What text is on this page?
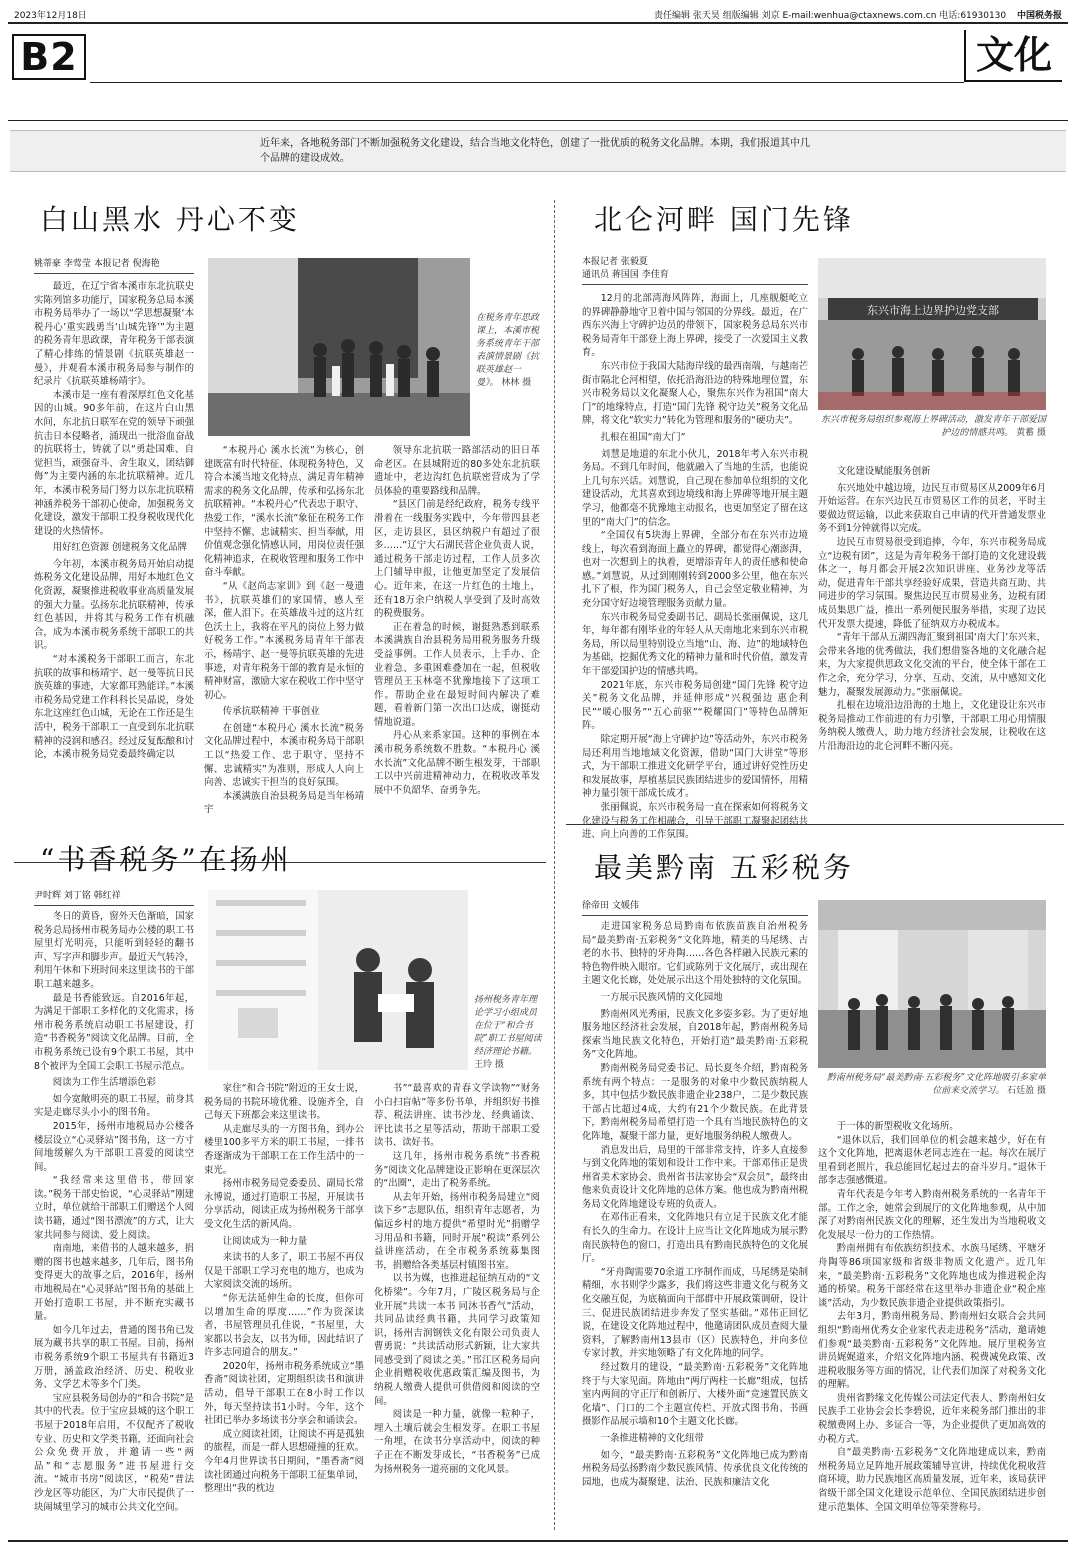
2023年12月18日	责任编辑 张天昊 组版编辑 刘京 E-mail:wenhua@ctaxnews.com.cn 电话:61930130 中国税务报
B2	文化
近年来，各地税务部门不断加强税务文化建设，结合当地文化特色，创建了一批优质的税务文化品牌。本期，我们报道其中几个品牌的建设成效。
白山黑水 丹心不变
姚蒂豪 李莺莹 本报记者 倪海艳

最近，在辽宁省本溪市东北抗联史实陈列馆多功能厅，国家税务总局本溪市税务局举办了一场以“学思想凝聚‘本税丹心’重实践勇当‘山城先锋’”为主题的税务青年思政课，青年税务干部表演了精心排练的情景剧《抗联英雄赵一曼》，并观看本溪市税务局参与制作的纪录片《抗联英雄杨靖宇》。

本溪市是一座有着深厚红色文化基因的山城。90多年前，在这片白山黑水间，东北抗日联军在党的领导下顽强抗击日本侵略者，涌现出一批浴血奋战的抗联将士，铸就了以“勇赴国难、自觉担当，顽强奋斗、舍生取义，团结御侮”为主要内涵的东北抗联精神。近几年，本溪市税务局门努力以东北抗联精神涵养税务干部初心使命，加强税务文化建设，激发干部职工投身税收现代化建设的火热情怀。

用好红色资源 创建税务文化品牌

今年初，本溪市税务局开始启动提炼税务文化建设品牌，用好本地红色文化资源，凝聚推进税收事业高质量发展的强大力量。弘扬东北抗联精神，传承红色基因，并将其与税务工作有机融合，成为本溪市税务系统干部职工的共识。

“对本溪税务干部职工而言，东北抗联的故事和杨靖宇、赵一曼等抗日民族英雄的事迹，大家都耳熟能详。”本溪市税务局党建工作科科长吴晶说，身处东北这座红色山城，无论在工作还是生活中，税务干部职工一直受到东北抗联精神的浸润和感召。经过反复酝酿和讨论，本溪市税务局党委最终确定以

在税务青年思政课上，本溪市税务系统青年干部表演情景剧《抗联英雄赵一曼》。 林林 摄

“本税丹心 溪水长流”为核心，创建既富有时代特征、体现税务特色，又符合本溪当地文化特点、满足青年精神需求的税务文化品牌，传承和弘扬东北抗联精神。“本税丹心”代表忠于职守、热爱工作，“溪水长流”象征在税务工作中坚持不懈、忠诚精实、担当奉献，用价值观念强化情感认同，用岗位责任强化精神追求，在税收管理和服务工作中奋斗奉献。

“从《赵尚志家训》到《赵一曼遗书》，抗联英雄们的家国情，感人至深，催人泪下。在英雄战斗过的这片红色沃土上，我将在平凡的岗位上努力做好税务工作。”本溪税务局青年干部表示，杨靖宇、赵一曼等抗联英雄的先进事迹，对青年税务干部的教育是永恒的精神财富，激励大家在税收工作中坚守初心。

传承抗联精神 干事创业

在创建“本税丹心 溪水长流”税务文化品牌过程中，本溪市税务局干部职工以“热爱工作、忠于职守、坚持不懈、忠诚精实”为准则，形成人人向上向善、忠诚实干担当的良好氛围。

本溪满族自治县税务局是当年杨靖宇

领导东北抗联一路部活动的旧日革命老区。在县城附近的80多处东北抗联遗址中，老边沟红色抗联密营成为了学员体验的重要路线和品牌。

“县区门前是经纪政府，税务专线平滑着在一线服务实践中，今年带四县老区，走访县区，县区纳税户有超过了很多……”辽宁大石湖民营企业负责人说，通过税务干部走访过程，工作人员多次上门辅导申报，让他更加坚定了发展信心。近年来，在这一片红色的土地上，还有18万余户纳税人享受到了及时高效的税费服务。

正在着急的时候，谢挺熟悉到联系本溪满族自治县税务局用税务服务升级受益事例。工作人员表示，上手办、企业着急、多重困难叠加在一起，但税收管理员王玉林毫不犹豫地接下了这项工作。帮助企业在最短时间内解决了难题，看着新门第一次出口达成，谢挺动情地说道。

丹心从来系家国。这种的事例在本溪市税务系统数不胜数。“本税丹心 溪水长流”文化品牌不断生根发芽，干部职工以中兴前进精神动力，在税收改革发展中不负韶华、奋勇争先。

北仑河畔 国门先锋
本报记者 张毅夏
通讯员 蒋国国 李佳育

12月的北部湾海风阵阵，海面上，几座舰艇屹立的界碑静静地守卫着中国与邻国的分界线。最近，在广西东兴海上守碑护边员的带领下，国家税务总局东兴市税务局青年干部登上海上界碑，接受了一次爱国主义教育。

东兴市位于我国大陆海岸线的最西南端，与越南芒街市隔北仑河相望，依托沿海沿边的特殊地理位置，东兴市税务局以文化凝聚人心，聚焦东兴作为祖国“南大门”的地缘特点，打造“国门先锋 税守边关”税务文化品牌，将文化“软实力”转化为管理和服务的“硬功夫”。

扎根在祖国“南大门”

刘慧是地道的东北小伙儿，2018年考入东兴市税务局。不到几年时间，他就融入了当地的生活，也能说上几句东兴话。刘慧说，自己现在参加单位组织的文化建设活动，尤其喜欢到边境线和海上界碑等地开展主题学习，他都毫不犹豫地主动报名，也更加坚定了留在这里的“南大门”的信念。

“全国仅有5块海上界碑，全部分布在东兴市边境线上，每次看到海面上矗立的界碑，都觉得心潮澎湃，也对一次想到上的执着，更增添青年人的责任感和使命感。”刘慧说，从过到刚刚转到2000多公里，他在东兴扎下了根，作为国门税务人，自己会坚定敬业精神，为充分国守好边境管理服务贡献力量。

东兴市税务局党委副书记、副局长张丽佩说，这几年，每年都有刚毕业的年轻人从天南地北来到东兴市税务局，所以局里特别设立当地“山、海、边”的地域特色为基础，挖掘优秀文化的精神力量和时代价值，激发青年干部爱国护边的情感共鸣。

2021年底，东兴市税务局创建“国门先锋 税守边关”税务文化品牌，并延伸形成“兴税强边 惠企利民”“暖心服务”“五心前驱”“税耀国门”等特色品牌矩阵。

除定期开展“海上守碑护边”等活动外，东兴市税务局还利用当地地域文化资源，借助“国门大讲堂”等形式，为干部职工推进文化研学平台，通过讲好党性历史和发展故事，厚植基层民族团结进步的爱国情怀，用精神力量引领干部成长成才。

张丽佩说，东兴市税务局一直在探索如何将税务文化建设与税务工作相融合，引导干部职工凝聚起团结共进、向上向善的工作氛围。

东兴市海上边界护边党支部
东兴市税务局组织参观海上界碑活动，激发青年干部爱国护边的情感共鸣。 黄蓄 摄
文化建设赋能服务创新

东兴地处中越边境，边民互市贸易区从2009年6月开始运营。在东兴边民互市贸易区工作的员老，平时主要做边贸运输，以此来获取自己申请的代开普通发票业务不到1分钟就得以完成。

边民互市贸易很受到追捧，今年，东兴市税务局成立“边税有团”，这是为青年税务干部打造的文化建设载体之一，每月都会开展2次知识讲座、业务沙龙等活动，促进青年干部共享经验好成果，营造共商互助、共同进步的学习氛围。聚焦边民互市贸易业务，边税有团成员集思广益，推出一系列便民服务举措，实现了边民代开发票大提速，降低了征纳双方办税成本。

“青年干部从五湖四海汇聚到祖国‘南大门’东兴来，会带来各地的优秀做法，我们想借鉴各地的文化融合起来，为大家提供思政文化交流的平台，使全体干部在工作之余，充分学习，分享、互动、交流，从中感知文化魅力，凝聚发展源动力。”张丽佩说。

扎根在边境沿边沿海的土地上，文化建设让东兴市税务局推动工作前进的有力引擎，干部职工用心用情服务纳税人缴费人，助力地方经济社会发展，让税收在这片沿海沿边的北仑河畔不断闪亮。

“书香税务”在扬州
尹时辉 刘丁铭 韩红祥

冬日的黄昏，窗外天色渐暗，国家税务总局扬州市税务局办公楼的职工书屋里灯光明亮，只能听到轻轻的翻书声、写字声和脚步声。最近天气转冷，利用午休和下班时间来这里读书的干部职工越来越多。

最是书香能致远。自2016年起，为满足干部职工多样化的文化需求，扬州市税务系统启动职工书屋建设，打造“书香税务”阅读文化品牌。目前，全市税务系统已设有9个职工书屋，其中8个被评为全国工会职工书屋示范点。

阅读为工作生活增添色彩

如今宽敞明亮的职工书屋，前身其实是走廊尽头小小的图书角。

2015年，扬州市地税局办公楼各楼层设立“心灵驿站”图书角，这一方寸间地缓解久为干部职工喜爱的阅读空间。

“我经常来这里借书，带回家读。”税务干部史怡说，“心灵驿站”刚建立时，单位就给干部职工们赠送个人阅读书籍，通过“图书漂流”的方式，让大家共同参与阅读、爱上阅读。

南南地，来借书的人越来越多，捐赠的图书也越来越多，几年后，图书角变得更大的故事之后，2016年，扬州市地税局在“心灵驿站”图书角的基础上开始打造职工书屋，并不断充实藏书量。

如今几年过去，普通的图书角已发展为藏书共享的职工书屋。目前，扬州市税务系统9个职工书屋共有书籍近3万册，涵盖政治经济、历史、税收业务、文学艺术等多个门类。

宝应县税务局创办的“和合书院”是其中的代表。位于宝应县城的这个职工书屋于2018年启用，不仅配齐了税收专业、历史和文学类书籍，还面向社会公众免费开放，并邀请一些“两品”和“志愿服务”进书屋进行交流。“城市书房”阅读区，“税苑”普法沙龙区等功能区，为广大市民提供了一块闹城里学习的城市公共文化空间。

扬州税务青年理论学习小组成员在位于“和合书院”职工书屋阅读经济理论书籍。 王玲 摄

家住“和合书院”附近的王女士说，税务局的书院环境优雅、设施齐全，自己每天下班都会来这里读书。

从走廊尽头的一方图书角，到办公楼里100多平方米的职工书屋，一排书香逐渐成为干部职工在工作生活中的一束光。

扬州市税务局党委委员、副局长常永博说，通过打造职工书屋，开展读书分享活动，阅读正成为扬州税务干部享受文化生活的新风尚。

让阅读成为一种力量

来读书的人多了，职工书屋不再仅仅是干部职工学习充电的地方，也成为大家阅读交流的场所。

“你无法延伸生命的长度，但你可以增加生命的厚度……”作为资深读者，书屋管理员孔佳说，“书屋里，大家都以书会友，以书为师，因此结识了许多志同道合的朋友。”

2020年，扬州市税务系统成立“墨香斋”阅读社团，定期组织读书和演讲活动，倡导干部职工在8小时工作以外，每天坚持读书1小时。今年，这个社团已举办多场读书分享会和诵读会。

成立阅读社团，让阅读不再是孤独的旅程，而是一群人思想碰撞的狂欢。今年4月世界读书日期间，“墨香斋”阅读社团通过向税务干部职工征集单词，整理出“我的枕边

书”“最喜欢的青春文学读物”“财务小白扫盲帖”等多份书单，并组织好书推荐、税法讲座、读书沙龙、经典诵读、评比读书之星等活动，帮助干部职工爱读书、读好书。

这几年，扬州市税务系统“书香税务”阅读文化品牌建设正影响在更深层次的“出圈”，走出了税务系统。

从去年开始，扬州市税务局建立“阅读下乡”志愿队伍，组织青年志愿者，为偏远乡村的地方提供“希望时光”捐赠学习用品和书籍，同时开展“税读”系列公益讲座活动，在全市税务系统募集图书，捐赠给各类基层村镇图书室。

以书为媒，也推进起征纳互动的“文化桥梁”。今年7月，广陵区税务局与企业开展“共读一本书 同沐书香气”活动，共同品读经典书籍，共同学习政策知识，扬州吉润钢铁文化有限公司负责人曹勇说：“共读活动形式新颖，让大家共同感受到了阅读之美。”邗江区税务局向企业捐赠税收优惠政策汇编及图书，为纳税人缴费人提供可供借阅和阅读的空间。

阅读是一种力量，就像一粒种子，埋入土壤后就会生根发芽。在职工书屋一角埋，在读书分享活动中，阅读的种子正在不断发芽成长，“书香税务”已成为扬州税务一道亮丽的文化风景。

最美黔南 五彩税务
徐帝田 文媛伟

走进国家税务总局黔南布依族苗族自治州税务局“最美黔南·五彩税务”文化阵地，精美的马尾绣、古老的水书、独特的牙舟陶……各色各样融入民族元素的特色物件映入眼帘。它们或陈列于文化展厅，或出现在主题文化长廊，处处展示出这个用处独特的文化氛围。

一方展示民族风情的文化园地

黔南州风光秀丽，民族文化多姿多彩。为了更好地服务地区经济社会发展，自2018年起，黔南州税务局探索当地民族文化特色，开始打造“最美黔南·五彩税务”文化阵地。

黔南州税务局党委书记、局长夏冬介绍，黔南税务系统有两个特点：一是服务的对象中少数民族纳税人多，其中包括少数民族非遗企业238户，二是少数民族干部占比超过4成，大约有21个少数民族。在此背景下，黔南州税务局希望打造一个具有当地民族特色的文化阵地，凝聚干部力量，更好地服务纳税人缴费人。

消息发出后，局里的干部非常支持，许多人直接参与到文化阵地的策划和设计工作中来。干部邓伟正是贵州省美术家协会、贵州省书法家协会“双会员”，最终由他来负责设计文化阵地的总体方案。他也成为黔南州税务局文化阵地建设专班的负责人。

在邓伟正看来，文化阵地只有立足于民族文化才能有长久的生命力。在设计上应当让文化阵地成为展示黔南民族特色的窗口，打造出具有黔南民族特色的文化展厅。

“牙舟陶需要70余道工序制作而成，马尾绣是染制精细，水书则学少露多，我们将这些非遗文化与税务文化交融互促，为底稿面向干部群中开展政策调研，设计三、促进民族团结进步奔发了坚实基础。”邓伟正回忆说，在建设文化阵地过程中，他邀请团队成员查阅大量资料，了解黔南州13县市（区）民族特色，并向多位专家讨教，并实地领略了有文化阵地的同学。

经过数月的建设，“最美黔南·五彩税务”文化阵地终于与大家见面。阵地由“两厅两柱一长廊”组成，包括室内两间的守正厅和创新厅、大楼外面“竞速置民族文化墙”、门口的二个主题宣传栏、开放式图书角、书画摄影作品展示墙和10个主题文化长廊。

一条推进精神的文化纽带

如今，“最美黔南·五彩税务”文化阵地已成为黔南州税务局弘扬黔南少数民族风情、传承优良文化传统的园地，也成为凝聚建、法治、民族和廉洁文化

黔南州税务局“最美黔南·五彩税务”文化阵地吸引多家单位前来交流学习。 石廷盈 摄

于一体的新型税收文化场所。

“退休以后，我们回单位的机会越来越少，好在有这个文化阵地，把离退休老同志连在一起。每次在展厅里看到老照片，我总能回忆起过去的奋斗岁月。”退休干部李志强感慨道。

青年代表是今年考入黔南州税务系统的一名青年干部。工作之余，她常会到展厅的文化阵地参观，从中加深了对黔南州民族文化的理解，还生发出为当地税收文化发展尽一份力的工作热情。

黔南州拥有布依族纺织技术、水族马尾绣、平塘牙舟陶等86项国家级和省级非物质文化遗产。近几年来，“最美黔南·五彩税务”文化阵地也成为推进税企沟通的桥梁。税务干部经常在这里举办非遗企业“税企座谈”活动，为少数民族非遗企业提供政策指引。

去年3月，黔南州税务局、黔南州妇女联合会共同组织“黔南州优秀女企业家代表走进税务”活动，邀请她们参观“最美黔南·五彩税务”文化阵地。展厅里税务宣讲员娓娓道来，介绍文化阵地内涵、税费减免政策、改进税收服务等方面的情况，让代表们加深了对税务文化的理解。

贵州省黔缘文化传媒公司法定代表人、黔南州妇女民族手工业协会会长李碧说，近年来税务部门推出的非税缴费网上办、多证合一等，为企业提供了更加高效的办税方式。

自“最美黔南·五彩税务”文化阵地建成以来，黔南州税务局立足阵地开展政策辅导宣讲，持续优化税收营商环境，助力民族地区高质量发展，近年来，该局获评省级干部全国文化建设示范单位、全国民族团结进步创建示范集体、全国文明单位等荣誉称号。
